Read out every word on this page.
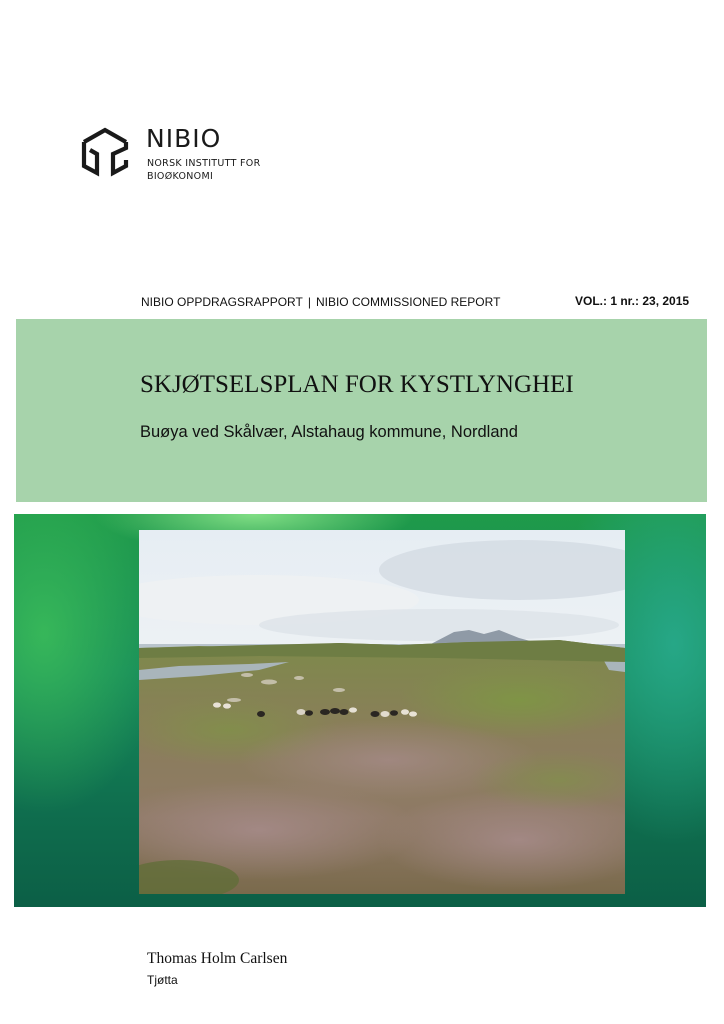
NIBIO
NORSK INSTITUTT FOR
BIOØKONOMI
NIBIO OPPDRAGSRAPPORT | NIBIO COMMISSIONED REPORT	VOL.: 1 nr.: 23, 2015
SKJØTSELSPLAN FOR KYSTLYNGHEI
Buøya ved Skålvær, Alstahaug kommune, Nordland
Thomas Holm Carlsen
Tjøtta
